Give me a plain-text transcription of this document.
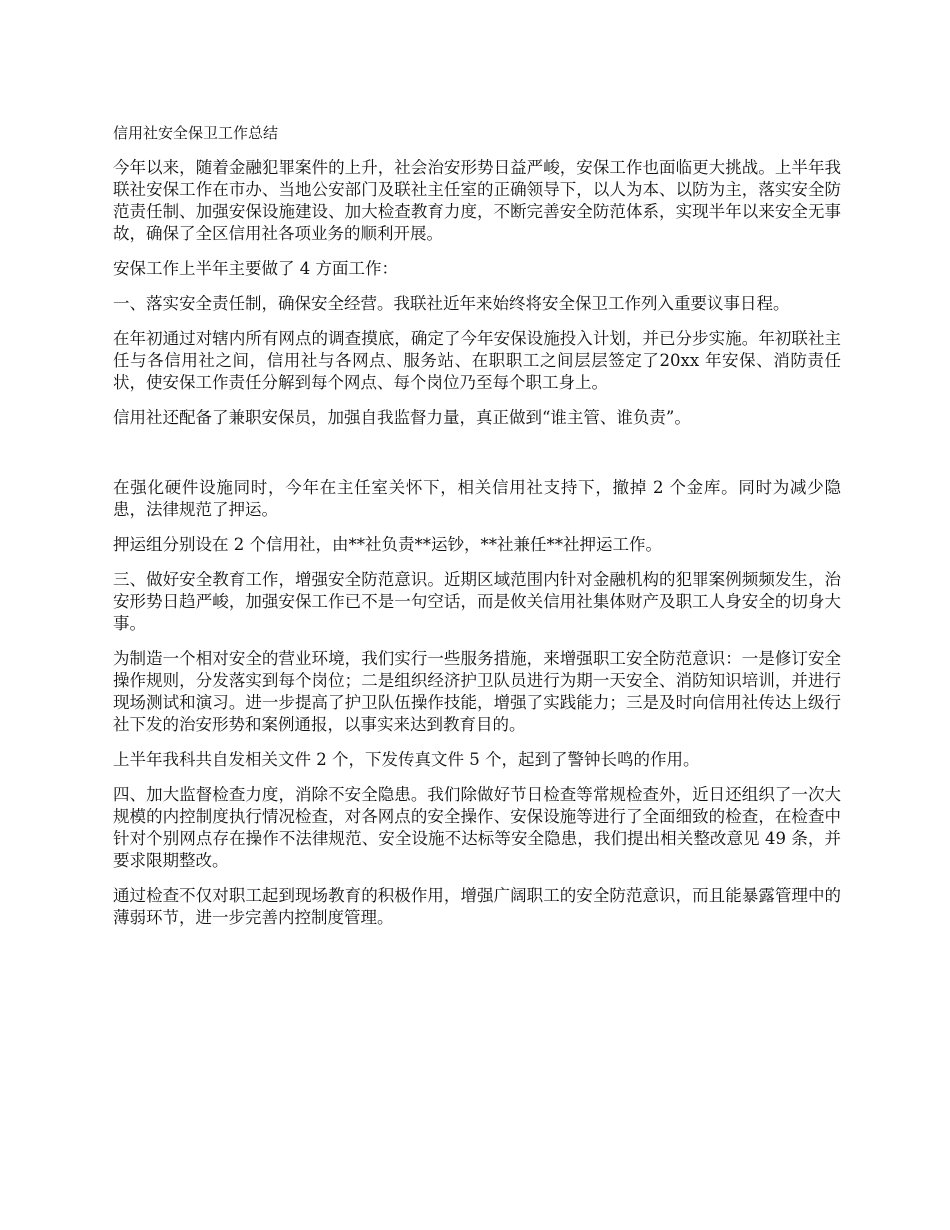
信用社安全保卫工作总结

今年以来，随着金融犯罪案件的上升，社会治安形势日益严峻，安保工作也面临更大挑战。上半年我联社安保工作在市办、当地公安部门及联社主任室的正确领导下，以人为本、以防为主，落实安全防范责任制、加强安保设施建设、加大检查教育力度，不断完善安全防范体系，实现半年以来安全无事故，确保了全区信用社各项业务的顺利开展。

安保工作上半年主要做了 4 方面工作：

一、落实安全责任制，确保安全经营。我联社近年来始终将安全保卫工作列入重要议事日程。

在年初通过对辖内所有网点的调查摸底，确定了今年安保设施投入计划，并已分步实施。年初联社主任与各信用社之间，信用社与各网点、服务站、在职职工之间层层签定了20xx 年安保、消防责任状，使安保工作责任分解到每个网点、每个岗位乃至每个职工身上。

信用社还配备了兼职安保员，加强自我监督力量，真正做到“谁主管、谁负责”。

在强化硬件设施同时，今年在主任室关怀下，相关信用社支持下，撤掉 2 个金库。同时为减少隐患，法律规范了押运。

押运组分别设在 2 个信用社，由**社负责**运钞，**社兼任**社押运工作。

三、做好安全教育工作，增强安全防范意识。近期区域范围内针对金融机构的犯罪案例频频发生，治安形势日趋严峻，加强安保工作已不是一句空话，而是攸关信用社集体财产及职工人身安全的切身大事。

为制造一个相对安全的营业环境，我们实行一些服务措施，来增强职工安全防范意识：一是修订安全操作规则，分发落实到每个岗位；二是组织经济护卫队员进行为期一天安全、消防知识培训，并进行现场测试和演习。进一步提高了护卫队伍操作技能，增强了实践能力；三是及时向信用社传达上级行社下发的治安形势和案例通报，以事实来达到教育目的。

上半年我科共自发相关文件 2 个，下发传真文件 5 个，起到了警钟长鸣的作用。

四、加大监督检查力度，消除不安全隐患。我们除做好节日检查等常规检查外，近日还组织了一次大规模的内控制度执行情况检查，对各网点的安全操作、安保设施等进行了全面细致的检查，在检查中针对个别网点存在操作不法律规范、安全设施不达标等安全隐患，我们提出相关整改意见 49 条，并要求限期整改。

通过检查不仅对职工起到现场教育的积极作用，增强广阔职工的安全防范意识，而且能暴露管理中的薄弱环节，进一步完善内控制度管理。
